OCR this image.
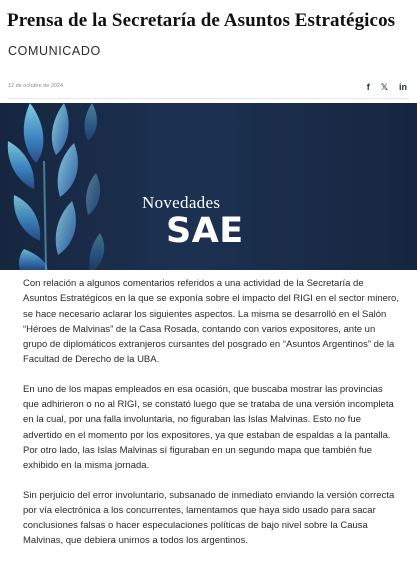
Prensa de la Secretaría de Asuntos Estratégicos
COMUNICADO
12 de octubre de 2024	f 𝕏 in
Novedades
SAE

Con relación a algunos comentarios referidos a una actividad de la Secretaría de Asuntos Estratégicos en la que se exponía sobre el impacto del RIGI en el sector minero, se hace necesario aclarar los siguientes aspectos. La misma se desarrolló en el Salón “Héroes de Malvinas” de la Casa Rosada, contando con varios expositores, ante un grupo de diplomáticos extranjeros cursantes del posgrado en “Asuntos Argentinos” de la Facultad de Derecho de la UBA.

En uno de los mapas empleados en esa ocasión, que buscaba mostrar las provincias que adhirieron o no al RIGI, se constató luego que se trataba de una versión incompleta en la cual, por una falla involuntaria, no figuraban las Islas Malvinas. Esto no fue advertido en el momento por los expositores, ya que estaban de espaldas a la pantalla. Por otro lado, las Islas Malvinas sí figuraban en un segundo mapa que también fue exhibido en la misma jornada.

Sin perjuicio del error involuntario, subsanado de inmediato enviando la versión correcta por vía electrónica a los concurrentes, lamentamos que haya sido usado para sacar conclusiones falsas o hacer especulaciones políticas de bajo nivel sobre la Causa Malvinas, que debiera unirnos a todos los argentinos.
